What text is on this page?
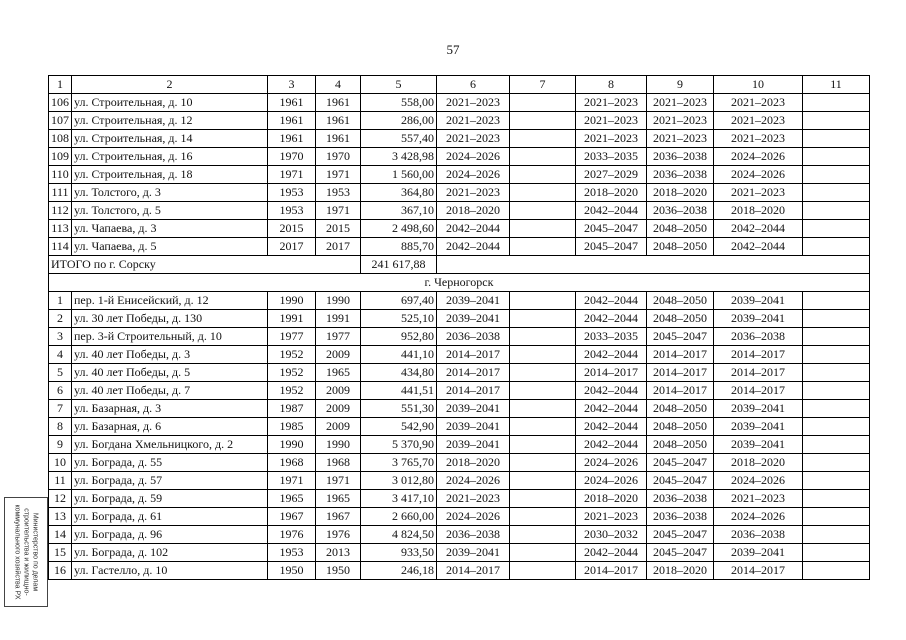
57
1	2	3	4	5	6	7	8	9	10	11
106	ул. Строительная, д. 10	1961	1961	558,00	2021–2023		2021–2023	2021–2023	2021–2023	
107	ул. Строительная, д. 12	1961	1961	286,00	2021–2023		2021–2023	2021–2023	2021–2023	
108	ул. Строительная, д. 14	1961	1961	557,40	2021–2023		2021–2023	2021–2023	2021–2023	
109	ул. Строительная, д. 16	1970	1970	3 428,98	2024–2026		2033–2035	2036–2038	2024–2026	
110	ул. Строительная, д. 18	1971	1971	1 560,00	2024–2026		2027–2029	2036–2038	2024–2026	
111	ул. Толстого, д. 3	1953	1953	364,80	2021–2023		2018–2020	2018–2020	2021–2023	
112	ул. Толстого, д. 5	1953	1971	367,10	2018–2020		2042–2044	2036–2038	2018–2020	
113	ул. Чапаева, д. 3	2015	2015	2 498,60	2042–2044		2045–2047	2048–2050	2042–2044	
114	ул. Чапаева, д. 5	2017	2017	885,70	2042–2044		2045–2047	2048–2050	2042–2044	
ИТОГО по г. Сорску				241 617,88						
г. Черногорск										
1	пер. 1-й Енисейский, д. 12	1990	1990	697,40	2039–2041		2042–2044	2048–2050	2039–2041	
2	ул. 30 лет Победы, д. 130	1991	1991	525,10	2039–2041		2042–2044	2048–2050	2039–2041	
3	пер. 3-й Строительный, д. 10	1977	1977	952,80	2036–2038		2033–2035	2045–2047	2036–2038	
4	ул. 40 лет Победы, д. 3	1952	2009	441,10	2014–2017		2042–2044	2014–2017	2014–2017	
5	ул. 40 лет Победы, д. 5	1952	1965	434,80	2014–2017		2014–2017	2014–2017	2014–2017	
6	ул. 40 лет Победы, д. 7	1952	2009	441,51	2014–2017		2042–2044	2014–2017	2014–2017	
7	ул. Базарная, д. 3	1987	2009	551,30	2039–2041		2042–2044	2048–2050	2039–2041	
8	ул. Базарная, д. 6	1985	2009	542,90	2039–2041		2042–2044	2048–2050	2039–2041	
9	ул. Богдана Хмельницкого, д. 2	1990	1990	5 370,90	2039–2041		2042–2044	2048–2050	2039–2041	
10	ул. Бограда, д. 55	1968	1968	3 765,70	2018–2020		2024–2026	2045–2047	2018–2020	
11	ул. Бограда, д. 57	1971	1971	3 012,80	2024–2026		2024–2026	2045–2047	2024–2026	
12	ул. Бограда, д. 59	1965	1965	3 417,10	2021–2023		2018–2020	2036–2038	2021–2023	
13	ул. Бограда, д. 61	1967	1967	2 660,00	2024–2026		2021–2023	2036–2038	2024–2026	
14	ул. Бограда, д. 96	1976	1976	4 824,50	2036–2038		2030–2032	2045–2047	2036–2038	
15	ул. Бограда, д. 102	1953	2013	933,50	2039–2041		2042–2044	2045–2047	2039–2041	
16	ул. Гастелло, д. 10	1950	1950	246,18	2014–2017		2014–2017	2018–2020	2014–2017	
Министерство по делам строительства и жилищно-коммунального хозяйства РХ
